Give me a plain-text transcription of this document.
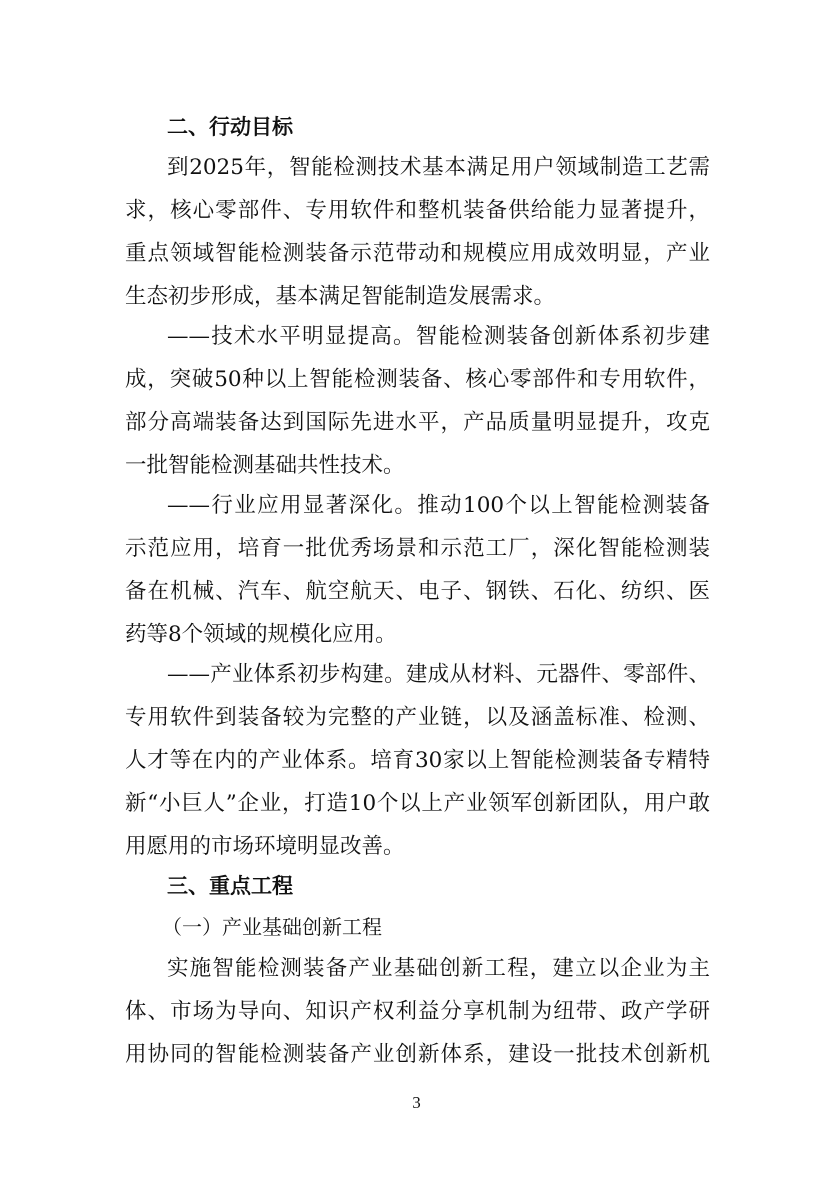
二、行动目标
到2025年，智能检测技术基本满足用户领域制造工艺需
求，核心零部件、专用软件和整机装备供给能力显著提升，
重点领域智能检测装备示范带动和规模应用成效明显，产业
生态初步形成，基本满足智能制造发展需求。
——技术水平明显提高。智能检测装备创新体系初步建
成，突破50种以上智能检测装备、核心零部件和专用软件，
部分高端装备达到国际先进水平，产品质量明显提升，攻克
一批智能检测基础共性技术。
——行业应用显著深化。推动100个以上智能检测装备
示范应用，培育一批优秀场景和示范工厂，深化智能检测装
备在机械、汽车、航空航天、电子、钢铁、石化、纺织、医
药等8个领域的规模化应用。
——产业体系初步构建。建成从材料、元器件、零部件、
专用软件到装备较为完整的产业链，以及涵盖标准、检测、
人才等在内的产业体系。培育30家以上智能检测装备专精特
新“小巨人”企业，打造10个以上产业领军创新团队，用户敢
用愿用的市场环境明显改善。
三、重点工程
（一）产业基础创新工程
实施智能检测装备产业基础创新工程，建立以企业为主
体、市场为导向、知识产权利益分享机制为纽带、政产学研
用协同的智能检测装备产业创新体系，建设一批技术创新机
3
